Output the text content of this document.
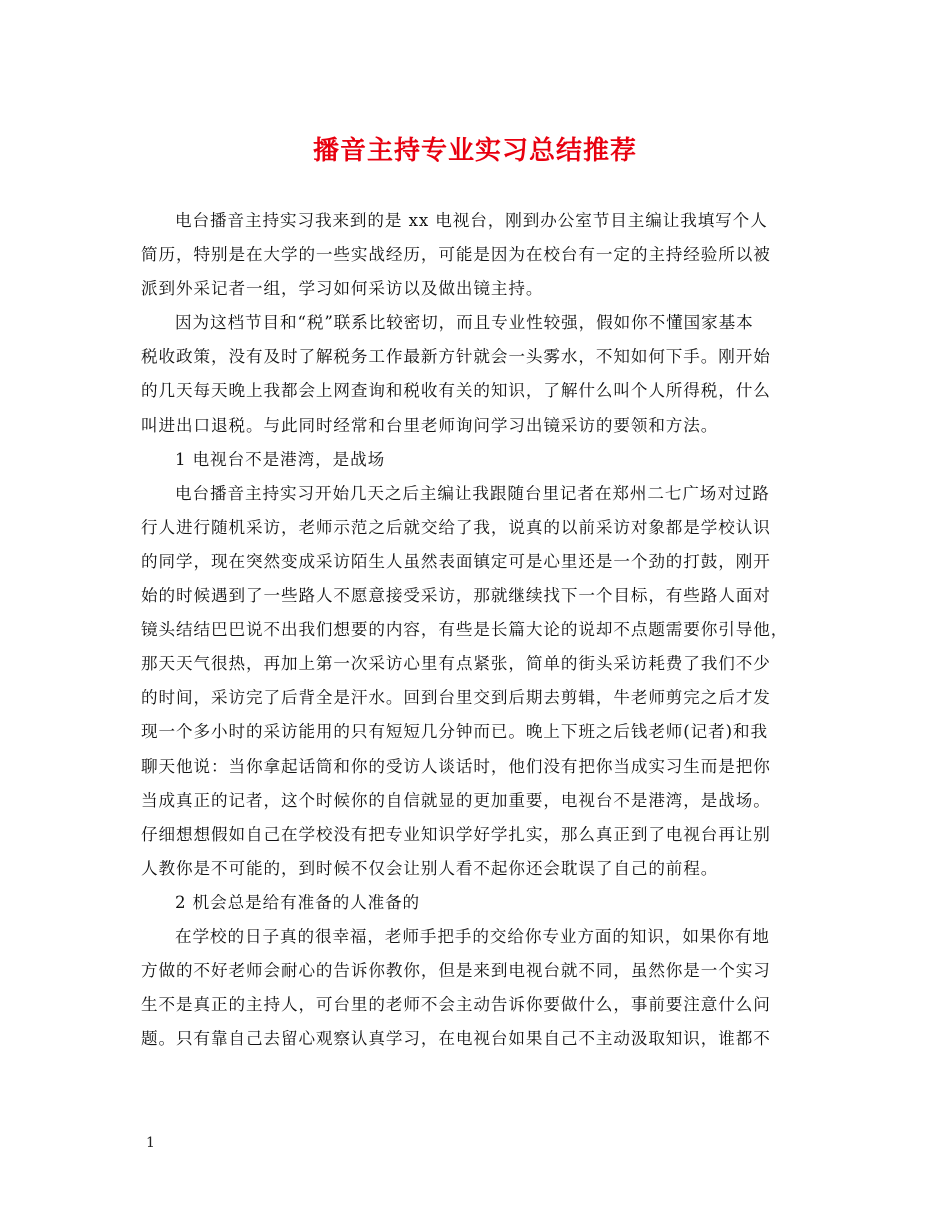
播音主持专业实习总结推荐
电台播音主持实习我来到的是 xx 电视台，刚到办公室节目主编让我填写个人
简历，特别是在大学的一些实战经历，可能是因为在校台有一定的主持经验所以被
派到外采记者一组，学习如何采访以及做出镜主持。
因为这档节目和“税”联系比较密切，而且专业性较强，假如你不懂国家基本
税收政策，没有及时了解税务工作最新方针就会一头雾水，不知如何下手。刚开始
的几天每天晚上我都会上网查询和税收有关的知识，了解什么叫个人所得税，什么
叫进出口退税。与此同时经常和台里老师询问学习出镜采访的要领和方法。
1 电视台不是港湾，是战场
电台播音主持实习开始几天之后主编让我跟随台里记者在郑州二七广场对过路
行人进行随机采访，老师示范之后就交给了我，说真的以前采访对象都是学校认识
的同学，现在突然变成采访陌生人虽然表面镇定可是心里还是一个劲的打鼓，刚开
始的时候遇到了一些路人不愿意接受采访，那就继续找下一个目标，有些路人面对
镜头结结巴巴说不出我们想要的内容，有些是长篇大论的说却不点题需要你引导他，
那天天气很热，再加上第一次采访心里有点紧张，简单的街头采访耗费了我们不少
的时间，采访完了后背全是汗水。回到台里交到后期去剪辑，牛老师剪完之后才发
现一个多小时的采访能用的只有短短几分钟而已。晚上下班之后钱老师(记者)和我
聊天他说：当你拿起话筒和你的受访人谈话时，他们没有把你当成实习生而是把你
当成真正的记者，这个时候你的自信就显的更加重要，电视台不是港湾，是战场。
仔细想想假如自己在学校没有把专业知识学好学扎实，那么真正到了电视台再让别
人教你是不可能的，到时候不仅会让别人看不起你还会耽误了自己的前程。
2 机会总是给有准备的人准备的
在学校的日子真的很幸福，老师手把手的交给你专业方面的知识，如果你有地
方做的不好老师会耐心的告诉你教你，但是来到电视台就不同，虽然你是一个实习
生不是真正的主持人，可台里的老师不会主动告诉你要做什么，事前要注意什么问
题。只有靠自己去留心观察认真学习，在电视台如果自己不主动汲取知识，谁都不
1
